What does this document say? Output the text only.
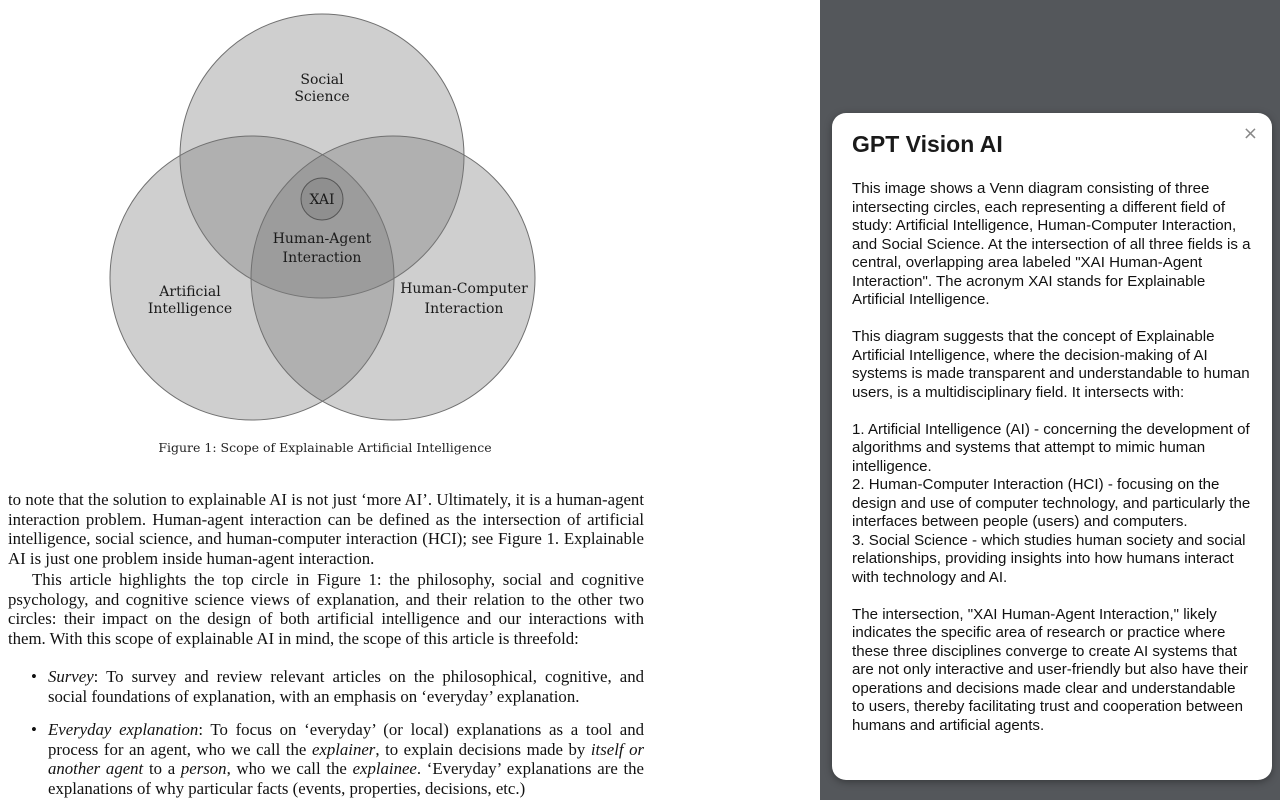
Social
Science
XAI
Human-Agent
Interaction
Artificial
Intelligence
Human-Computer
Interaction
Figure 1: Scope of Explainable Artificial Intelligence

to note that the solution to explainable AI is not just ‘more AI’. Ultimately, it is a human-agent interaction problem. Human-agent interaction can be defined as the intersection of artificial intelligence, social science, and human-computer interaction (HCI); see Figure 1. Explainable AI is just one problem inside human-agent interaction.

This article highlights the top circle in Figure 1: the philosophy, social and cognitive psychology, and cognitive science views of explanation, and their relation to the other two circles: their impact on the design of both artificial intelligence and our interactions with them. With this scope of explainable AI in mind, the scope of this article is threefold:

• Survey: To survey and review relevant articles on the philosophical, cognitive, and social foundations of explanation, with an emphasis on ‘everyday’ explanation.
• Everyday explanation: To focus on ‘everyday’ (or local) explanations as a tool and process for an agent, who we call the explainer, to explain decisions made by itself or another agent to a person, who we call the explainee. ‘Everyday’ explanations are the explanations of why particular facts (events, properties, decisions, etc.)
GPT Vision AI	×

This image shows a Venn diagram consisting of three intersecting circles, each representing a different field of study: Artificial Intelligence, Human-Computer Interaction, and Social Science. At the intersection of all three fields is a central, overlapping area labeled "XAI Human-Agent Interaction". The acronym XAI stands for Explainable Artificial Intelligence.

This diagram suggests that the concept of Explainable Artificial Intelligence, where the decision-making of AI systems is made transparent and understandable to human users, is a multidisciplinary field. It intersects with:

1. Artificial Intelligence (AI) - concerning the development of algorithms and systems that attempt to mimic human intelligence.
2. Human-Computer Interaction (HCI) - focusing on the design and use of computer technology, and particularly the interfaces between people (users) and computers.
3. Social Science - which studies human society and social relationships, providing insights into how humans interact with technology and AI.

The intersection, "XAI Human-Agent Interaction," likely indicates the specific area of research or practice where these three disciplines converge to create AI systems that are not only interactive and user-friendly but also have their operations and decisions made clear and understandable to users, thereby facilitating trust and cooperation between humans and artificial agents.
